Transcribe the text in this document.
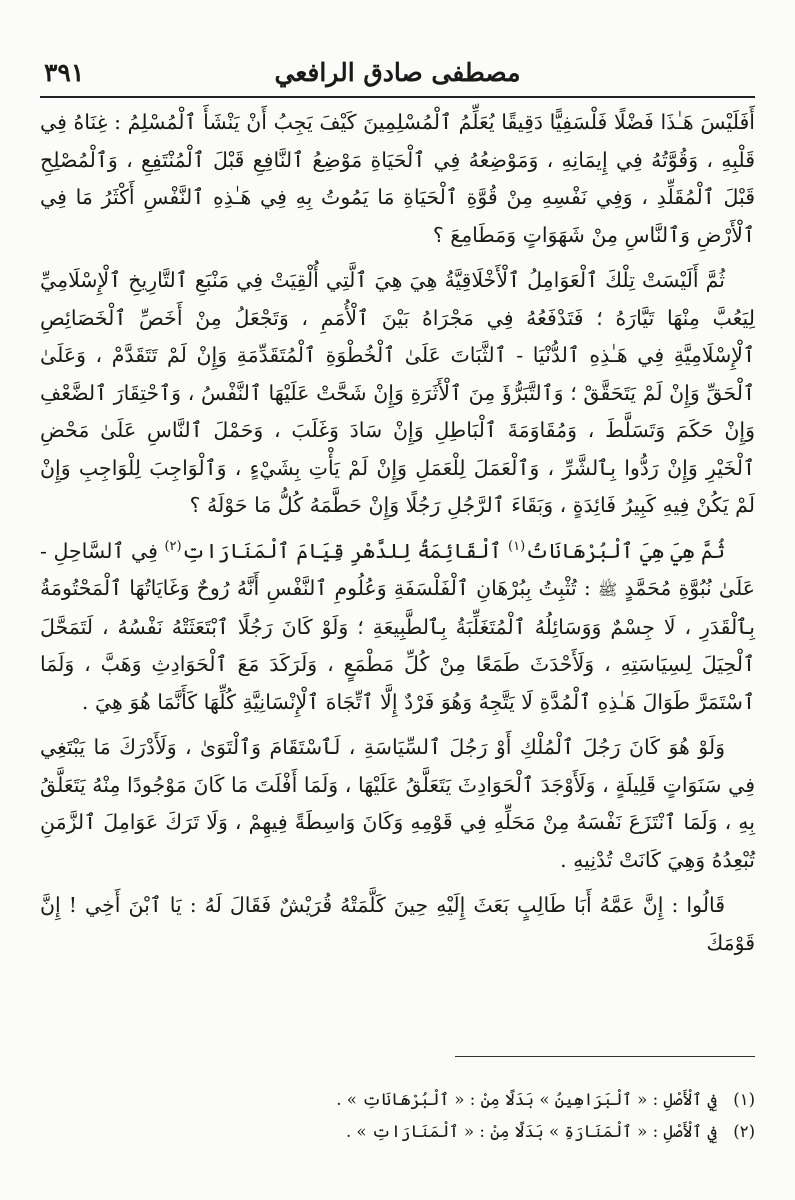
مصطفى صادق الرافعي
٣٩١

أَفَلَيْسَ هَـٰذَا فَضْلًا فَلْسَفِيًّا دَقِيقًا يُعَلِّمُ ٱلْمُسْلِمِينَ كَيْفَ يَجِبُ أَنْ يَنْشَأَ ٱلْمُسْلِمُ : غِنَاهُ فِي قَلْبِهِ ، وَقُوَّتُهُ فِي إِيمَانِهِ ، وَمَوْضِعُهُ فِي ٱلْحَيَاةِ مَوْضِعُ ٱلنَّافِعِ قَبْلَ ٱلْمُنْتَفِعِ ، وَٱلْمُصْلِحِ قَبْلَ ٱلْمُقَلِّدِ ، وَفِي نَفْسِهِ مِنْ قُوَّةِ ٱلْحَيَاةِ مَا يَمُوتُ بِهِ فِي هَـٰذِهِ ٱلنَّفْسِ أَكْثَرُ مَا فِي ٱلْأَرْضِ وَٱلنَّاسِ مِنْ شَهَوَاتٍ وَمَطَامِعَ ؟

ثُمَّ أَلَيْسَتْ تِلْكَ ٱلْعَوَامِلُ ٱلْأَخْلَاقِيَّةُ هِيَ هِيَ ٱلَّتِي أُلْقِيَتْ فِي مَنْبَعِ ٱلتَّارِيخِ ٱلْإِسْلَامِيِّ لِيَعُبَّ مِنْهَا تَيَّارَهُ ؛ فَتَدْفَعُهُ فِي مَجْرَاهُ بَيْنَ ٱلْأُمَمِ ، وَتَجْعَلُ مِنْ أَخَصِّ ٱلْخَصَائِصِ ٱلْإِسْلَامِيَّةِ فِي هَـٰذِهِ ٱلدُّنْيَا - ٱلثَّبَاتَ عَلَىٰ ٱلْخُطْوَةِ ٱلْمُتَقَدِّمَةِ وَإِنْ لَمْ تَتَقَدَّمْ ، وَعَلَىٰ ٱلْحَقِّ وَإِنْ لَمْ يَتَحَقَّقْ ؛ وَٱلتَّبَرُّؤَ مِنَ ٱلْأَثَرَةِ وَإِنْ شَحَّتْ عَلَيْهَا ٱلنَّفْسُ ، وَٱحْتِقَارَ ٱلضَّعْفِ وَإِنْ حَكَمَ وَتَسَلَّطَ ، وَمُقَاوَمَةَ ٱلْبَاطِلِ وَإِنْ سَادَ وَغَلَبَ ، وَحَمْلَ ٱلنَّاسِ عَلَىٰ مَحْضِ ٱلْخَيْرِ وَإِنْ رَدُّوا بِٱلشَّرِّ ، وَٱلْعَمَلَ لِلْعَمَلِ وَإِنْ لَمْ يَأْتِ بِشَيْءٍ ، وَٱلْوَاجِبَ لِلْوَاجِبِ وَإِنْ لَمْ يَكُنْ فِيهِ كَبِيرُ فَائِدَةٍ ، وَبَقَاءَ ٱلرَّجُلِ رَجُلًا وَإِنْ حَطَّمَهُ كُلُّ مَا حَوْلَهُ ؟

ثُمَّ هِيَ هِيَ ٱلْبُرْهَانَاتُ$^{(١)}$ ٱلْقَائِمَةُ لِلدَّهْرِ قِيَامَ ٱلْمَنَارَاتِ$^{(٢)}$ فِي ٱلسَّاحِلِ - عَلَىٰ نُبُوَّةِ مُحَمَّدٍ ﷺ : تُثْبِتُ بِبُرْهَانِ ٱلْفَلْسَفَةِ وَعُلُومِ ٱلنَّفْسِ أَنَّهُ رُوحٌ وَغَايَاتُهَا ٱلْمَحْتُومَةُ بِٱلْقَدَرِ ، لَا جِسْمٌ وَوَسَائِلُهُ ٱلْمُتَغَلِّبَةُ بِٱلطَّبِيعَةِ ؛ وَلَوْ كَانَ رَجُلًا ٱبْتَعَثَتْهُ نَفْسُهُ ، لَتَمَحَّلَ ٱلْحِيَلَ لِسِيَاسَتِهِ ، وَلَأَحْدَثَ طَمَعًا مِنْ كُلِّ مَطْمَعٍ ، وَلَرَكَدَ مَعَ ٱلْحَوَادِثِ وَهَبَّ ، وَلَمَا ٱسْتَمَرَّ طَوَالَ هَـٰذِهِ ٱلْمُدَّةِ لَا يَتَّجِهُ وَهُوَ فَرْدٌ إِلَّا ٱتِّجَاهَ ٱلْإِنْسَانِيَّةِ كُلِّهَا كَأَنَّمَا هُوَ هِيَ .

وَلَوْ هُوَ كَانَ رَجُلَ ٱلْمُلْكِ أَوْ رَجُلَ ٱلسِّيَاسَةِ ، لَٱسْتَقَامَ وَٱلْتَوَىٰ ، وَلَأَدْرَكَ مَا يَبْتَغِي فِي سَنَوَاتٍ قَلِيلَةٍ ، وَلَأَوْجَدَ ٱلْحَوَادِثَ يَتَعَلَّقُ عَلَيْهَا ، وَلَمَا أَفْلَتَ مَا كَانَ مَوْجُودًا مِنْهُ يَتَعَلَّقُ بِهِ ، وَلَمَا ٱنْتَزَعَ نَفْسَهُ مِنْ مَحَلِّهِ فِي قَوْمِهِ وَكَانَ وَاسِطَةً فِيهِمْ ، وَلَا تَرَكَ عَوَامِلَ ٱلزَّمَنِ تُبْعِدُهُ وَهِيَ كَانَتْ تُدْنِيهِ .

قَالُوا : إِنَّ عَمَّهُ أَبَا طَالِبٍ بَعَثَ إِلَيْهِ حِينَ كَلَّمَتْهُ قُرَيْشٌ فَقَالَ لَهُ : يَا ٱبْنَ أَخِي ! إِنَّ قَوْمَكَ

(١)فِي ٱلْأَصْلِ : « ٱلْبَرَاهِينُ » بَدَلًا مِنْ : « ٱلْبُرْهَانَاتِ » .
(٢)فِي ٱلْأَصْلِ : « ٱلْمَنَارَةِ » بَدَلًا مِنْ : « ٱلْمَنَارَاتِ » .
